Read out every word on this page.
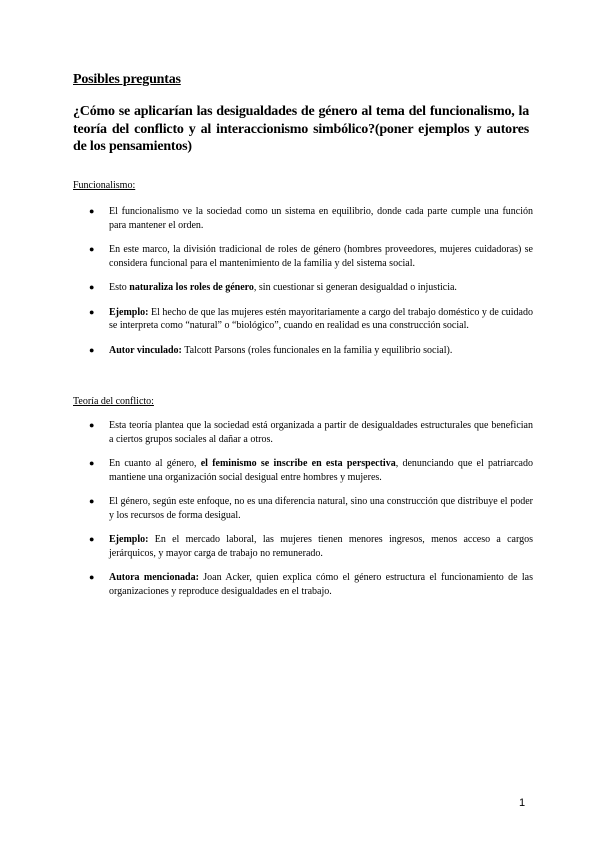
Posibles preguntas

¿Cómo se aplicarían las desigualdades de género al tema del funcionalismo, la teoría del conflicto y al interaccionismo simbólico?(poner ejemplos y autores de los pensamientos)

Funcionalismo:
● El funcionalismo ve la sociedad como un sistema en equilibrio, donde cada parte cumple una función para mantener el orden.
● En este marco, la división tradicional de roles de género (hombres proveedores, mujeres cuidadoras) se considera funcional para el mantenimiento de la familia y del sistema social.
● Esto naturaliza los roles de género, sin cuestionar si generan desigualdad o injusticia.
● Ejemplo: El hecho de que las mujeres estén mayoritariamente a cargo del trabajo doméstico y de cuidado se interpreta como “natural” o “biológico”, cuando en realidad es una construcción social.
● Autor vinculado: Talcott Parsons (roles funcionales en la familia y equilibrio social).
Teoría del conflicto:
● Esta teoría plantea que la sociedad está organizada a partir de desigualdades estructurales que benefician a ciertos grupos sociales al dañar a otros.
● En cuanto al género, el feminismo se inscribe en esta perspectiva, denunciando que el patriarcado mantiene una organización social desigual entre hombres y mujeres.
● El género, según este enfoque, no es una diferencia natural, sino una construcción que distribuye el poder y los recursos de forma desigual.
● Ejemplo: En el mercado laboral, las mujeres tienen menores ingresos, menos acceso a cargos jerárquicos, y mayor carga de trabajo no remunerado.
● Autora mencionada: Joan Acker, quien explica cómo el género estructura el funcionamiento de las organizaciones y reproduce desigualdades en el trabajo.
1
